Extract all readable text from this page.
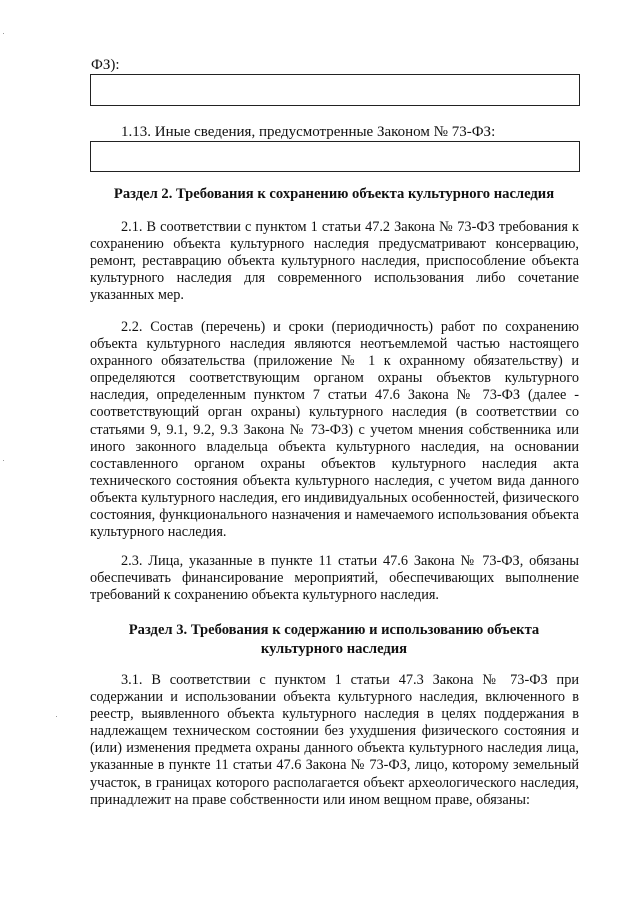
ФЗ):
1.13. Иные сведения, предусмотренные Законом № 73-ФЗ:
Раздел 2. Требования к сохранению объекта культурного наследия

2.1. В соответствии с пунктом 1 статьи 47.2 Закона № 73-ФЗ требования к сохранению объекта культурного наследия предусматривают консервацию, ремонт, реставрацию объекта культурного наследия, приспособление объекта культурного наследия для современного использования либо сочетание указанных мер.

2.2. Состав (перечень) и сроки (периодичность) работ по сохранению объекта культурного наследия являются неотъемлемой частью настоящего охранного обязательства (приложение № 1 к охранному обязательству) и определяются соответствующим органом охраны объектов культурного наследия, определенным пунктом 7 статьи 47.6 Закона № 73-ФЗ (далее - соответствующий орган охраны) культурного наследия (в соответствии со статьями 9, 9.1, 9.2, 9.3 Закона № 73-ФЗ) с учетом мнения собственника или иного законного владельца объекта культурного наследия, на основании составленного органом охраны объектов культурного наследия акта технического состояния объекта культурного наследия, с учетом вида данного объекта культурного наследия, его индивидуальных особенностей, физического состояния, функционального назначения и намечаемого использования объекта культурного наследия.

2.3. Лица, указанные в пункте 11 статьи 47.6 Закона № 73-ФЗ, обязаны обеспечивать финансирование мероприятий, обеспечивающих выполнение требований к сохранению объекта культурного наследия.

Раздел 3. Требования к содержанию и использованию объекта
культурного наследия

3.1. В соответствии с пунктом 1 статьи 47.3 Закона № 73-ФЗ при содержании и использовании объекта культурного наследия, включенного в реестр, выявленного объекта культурного наследия в целях поддержания в надлежащем техническом состоянии без ухудшения физического состояния и (или) изменения предмета охраны данного объекта культурного наследия лица, указанные в пункте 11 статьи 47.6 Закона № 73-ФЗ, лицо, которому земельный участок, в границах которого располагается объект археологического наследия, принадлежит на праве собственности или ином вещном праве, обязаны:
